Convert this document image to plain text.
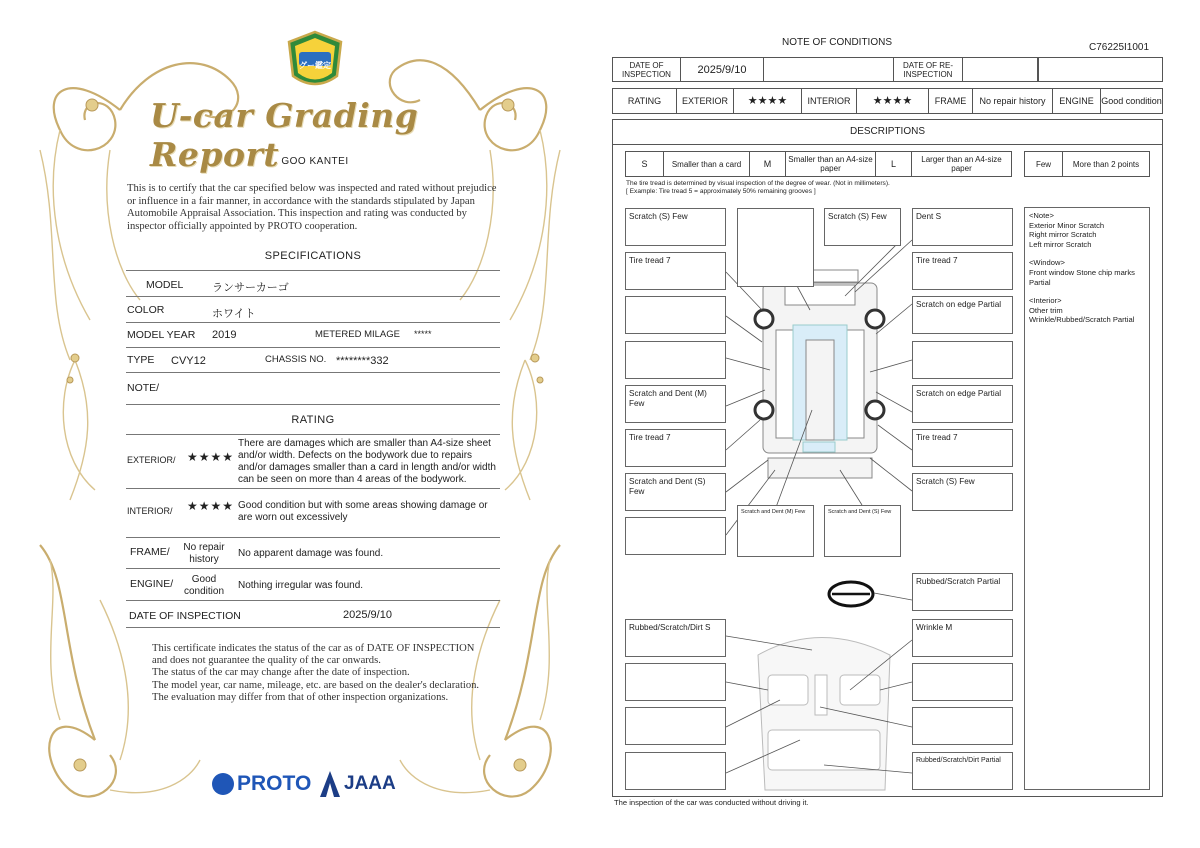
グー鑑定
U-car Grading Report GOO KANTEI
This is to certify that the car specified below was inspected and rated without prejudice or influence in a fair manner, in accordance with the standards stipulated by Japan Automobile Appraisal Association. This inspection and rating was conducted by inspector officially appointed by PROTO cooperation.
SPECIFICATIONS
MODEL	ランサーカーゴ
COLOR	ホワイト
MODEL YEAR 2019	METERED MILAGE *****
TYPE CVY12	CHASSIS NO. ********332
NOTE/
RATING
EXTERIOR/ ★★★★
There are damages which are smaller than A4-size sheet and/or width. Defects on the bodywork due to repairs and/or damages smaller than a card in length and/or width can be seen on more than 4 areas of the bodywork.
INTERIOR/ ★★★★ Good condition but with some areas showing damage or are worn out excessively
FRAME/	No repair history
No apparent damage was found.
ENGINE/	Good condition
Nothing irregular was found.
DATE OF INSPECTION	2025/9/10
This certificate indicates the status of the car as of DATE OF INSPECTION and does not guarantee the quality of the car onwards.
The status of the car may change after the date of inspection.
The model year, car name, mileage, etc. are based on the dealer's declaration.
The evaluation may differ from that of other inspection organizations.
PROTO JAAA
NOTE OF CONDITIONS	C76225I1001
DATE OF INSPECTION	2025/9/10	DATE OF RE-INSPECTION
RATING	EXTERIOR	★★★★	INTERIOR	★★★★	FRAME	No repair history	ENGINE Good condition
DESCRIPTIONS
S	Smaller than a card	M	Smaller than an A4-size paper	L	Larger than an A4-size paper	Few	More than 2 points
The tire tread is determined by visual inspection of the degree of wear. (Not in millimeters).
[ Example: Tire tread 5 = approximately 50% remaining grooves ]
Scratch (S) Few	Scratch (S) Few	Dent S
Tire tread 7	Tire tread 7
Scratch on edge Partial
Scratch and Dent (M) Few
Scratch on edge Partial
Tire tread 7	Tire tread 7
Scratch and Dent (S) Few
Scratch (S) Few
Scratch and Dent (M) Few	Scratch and Dent (S) Few
Rubbed/Scratch Partial
Rubbed/Scratch/Dirt S	Wrinkle M
Rubbed/Scratch/Dirt Partial
<Note>
Exterior Minor Scratch
Right mirror Scratch
Left mirror Scratch
<Window>
Front window Stone chip marks Partial
<Interior>
Other trim
Wrinkle/Rubbed/Scratch Partial
The inspection of the car was conducted without driving it.
